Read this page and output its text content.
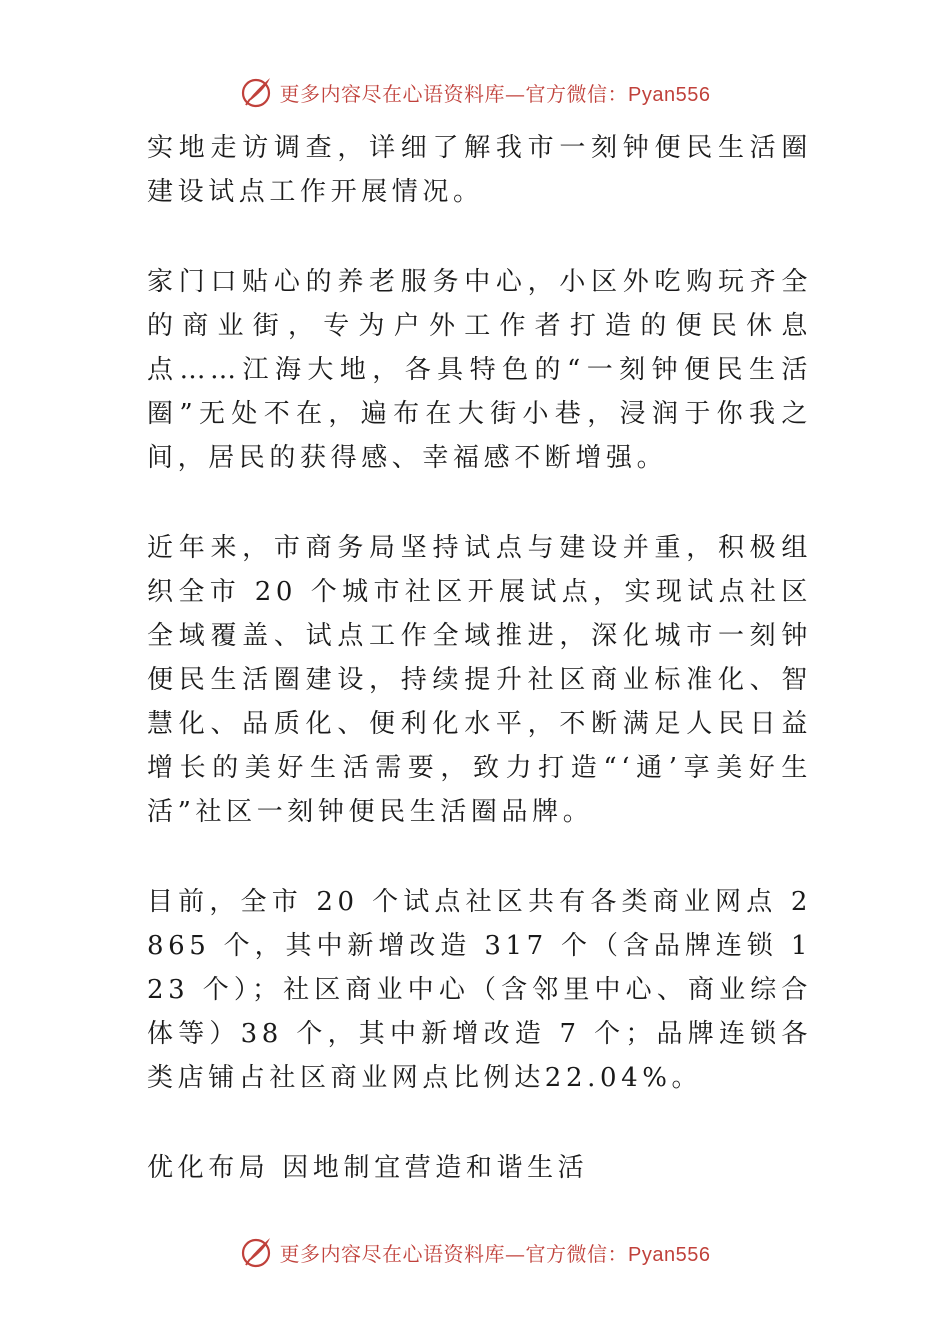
更多内容尽在心语资料库—官方微信：Pyan556

实地走访调查，详细了解我市一刻钟便民生活圈建设试点工作开展情况。

家门口贴心的养老服务中心，小区外吃购玩齐全的商业街，专为户外工作者打造的便民休息点……江海大地，各具特色的“一刻钟便民生活圈”无处不在，遍布在大街小巷，浸润于你我之间，居民的获得感、幸福感不断增强。

近年来，市商务局坚持试点与建设并重，积极组织全市 20 个城市社区开展试点，实现试点社区全域覆盖、试点工作全域推进，深化城市一刻钟便民生活圈建设，持续提升社区商业标准化、智慧化、品质化、便利化水平，不断满足人民日益增长的美好生活需要，致力打造“‘通’享美好生活”社区一刻钟便民生活圈品牌。

目前，全市 20 个试点社区共有各类商业网点 2865 个，其中新增改造 317 个（含品牌连锁 123 个）；社区商业中心（含邻里中心、商业综合体等）38 个，其中新增改造 7 个；品牌连锁各类店铺占社区商业网点比例达22.04%。

优化布局 因地制宜营造和谐生活

更多内容尽在心语资料库—官方微信：Pyan556
